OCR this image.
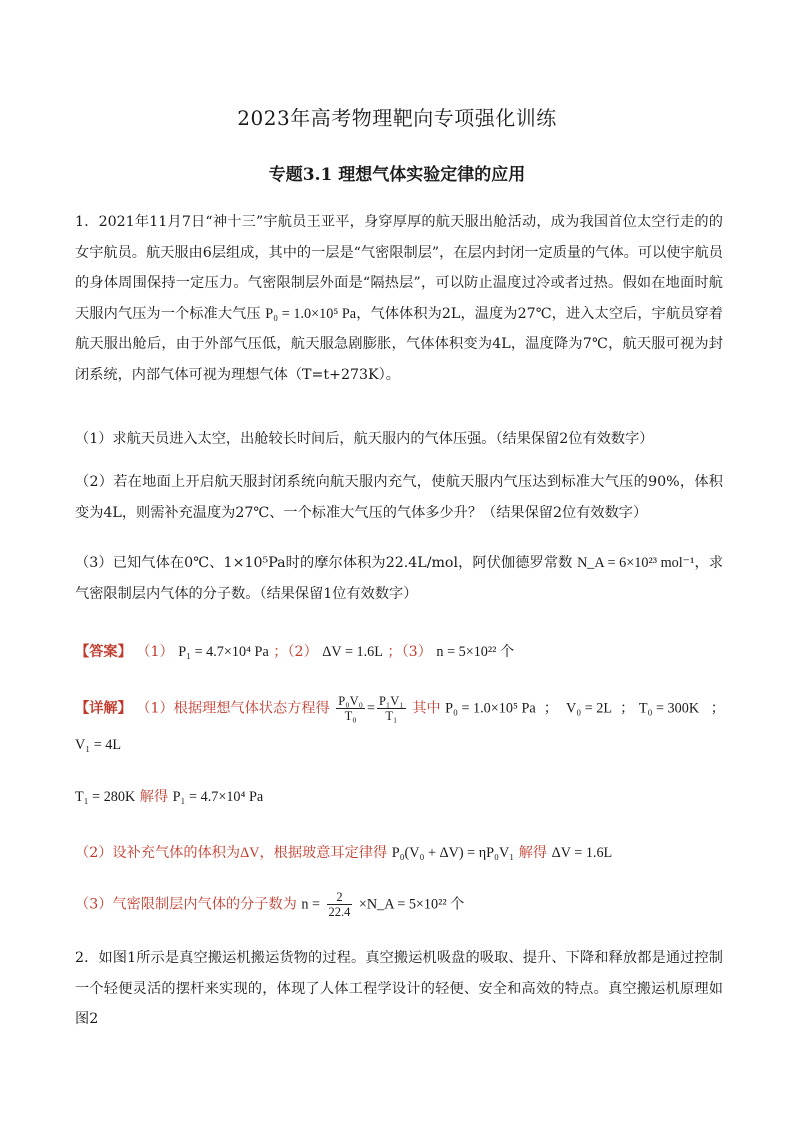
2023年高考物理靶向专项强化训练
专题3.1 理想气体实验定律的应用
1．2021年11月7日“神十三”宇航员王亚平，身穿厚厚的航天服出舱活动，成为我国首位太空行走的的女宇航员。航天服由6层组成，其中的一层是“气密限制层”，在层内封闭一定质量的气体。可以使宇航员的身体周围保持一定压力。气密限制层外面是“隔热层”，可以防止温度过冷或者过热。假如在地面时航天服内气压为一个标准大气压 P₀ = 1.0×10⁵ Pa，气体体积为2L，温度为27℃，进入太空后，宇航员穿着航天服出舱后，由于外部气压低，航天服急剧膨胀，气体体积变为4L，温度降为7℃，航天服可视为封闭系统，内部气体可视为理想气体（T=t+273K）。
（1）求航天员进入太空，出舱较长时间后，航天服内的气体压强。（结果保留2位有效数字）
（2）若在地面上开启航天服封闭系统向航天服内充气，使航天服内气压达到标准大气压的90%，体积变为4L，则需补充温度为27℃、一个标准大气压的气体多少升？（结果保留2位有效数字）
（3）已知气体在0℃、1×10⁵Pa时的摩尔体积为22.4L/mol，阿伏伽德罗常数 N_A = 6×10²³ mol⁻¹，求气密限制层内气体的分子数。（结果保留1位有效数字）
【答案】 （1） P₁ = 4.7×10⁴ Pa ；（2） ΔV = 1.6L ；（3） n = 5×10²² 个
【详解】 （1）根据理想气体状态方程得 $\frac{\text{P₀V₀}}{\text{T₀}} = \frac{\text{P₁V₁}}{\text{T₁}}$ 其中 P₀ = 1.0×10⁵ Pa  ；  V₀ = 2L  ； T₀ = 300K   ；
V₁ = 4L
T₁ = 280K 解得 P₁ = 4.7×10⁴ Pa
（2）设补充气体的体积为ΔV，根据玻意耳定律得 P₀(V₀ + ΔV) = ηP₀V₁ 解得 ΔV = 1.6L
（3）气密限制层内气体的分子数为 $n = \frac{2}{22.4}$ ×N_A = 5×10²² 个
2．如图1所示是真空搬运机搬运货物的过程。真空搬运机吸盘的吸取、提升、下降和释放都是通过控制一个轻便灵活的摆杆来实现的，体现了人体工程学设计的轻便、安全和高效的特点。真空搬运机原理如图2
